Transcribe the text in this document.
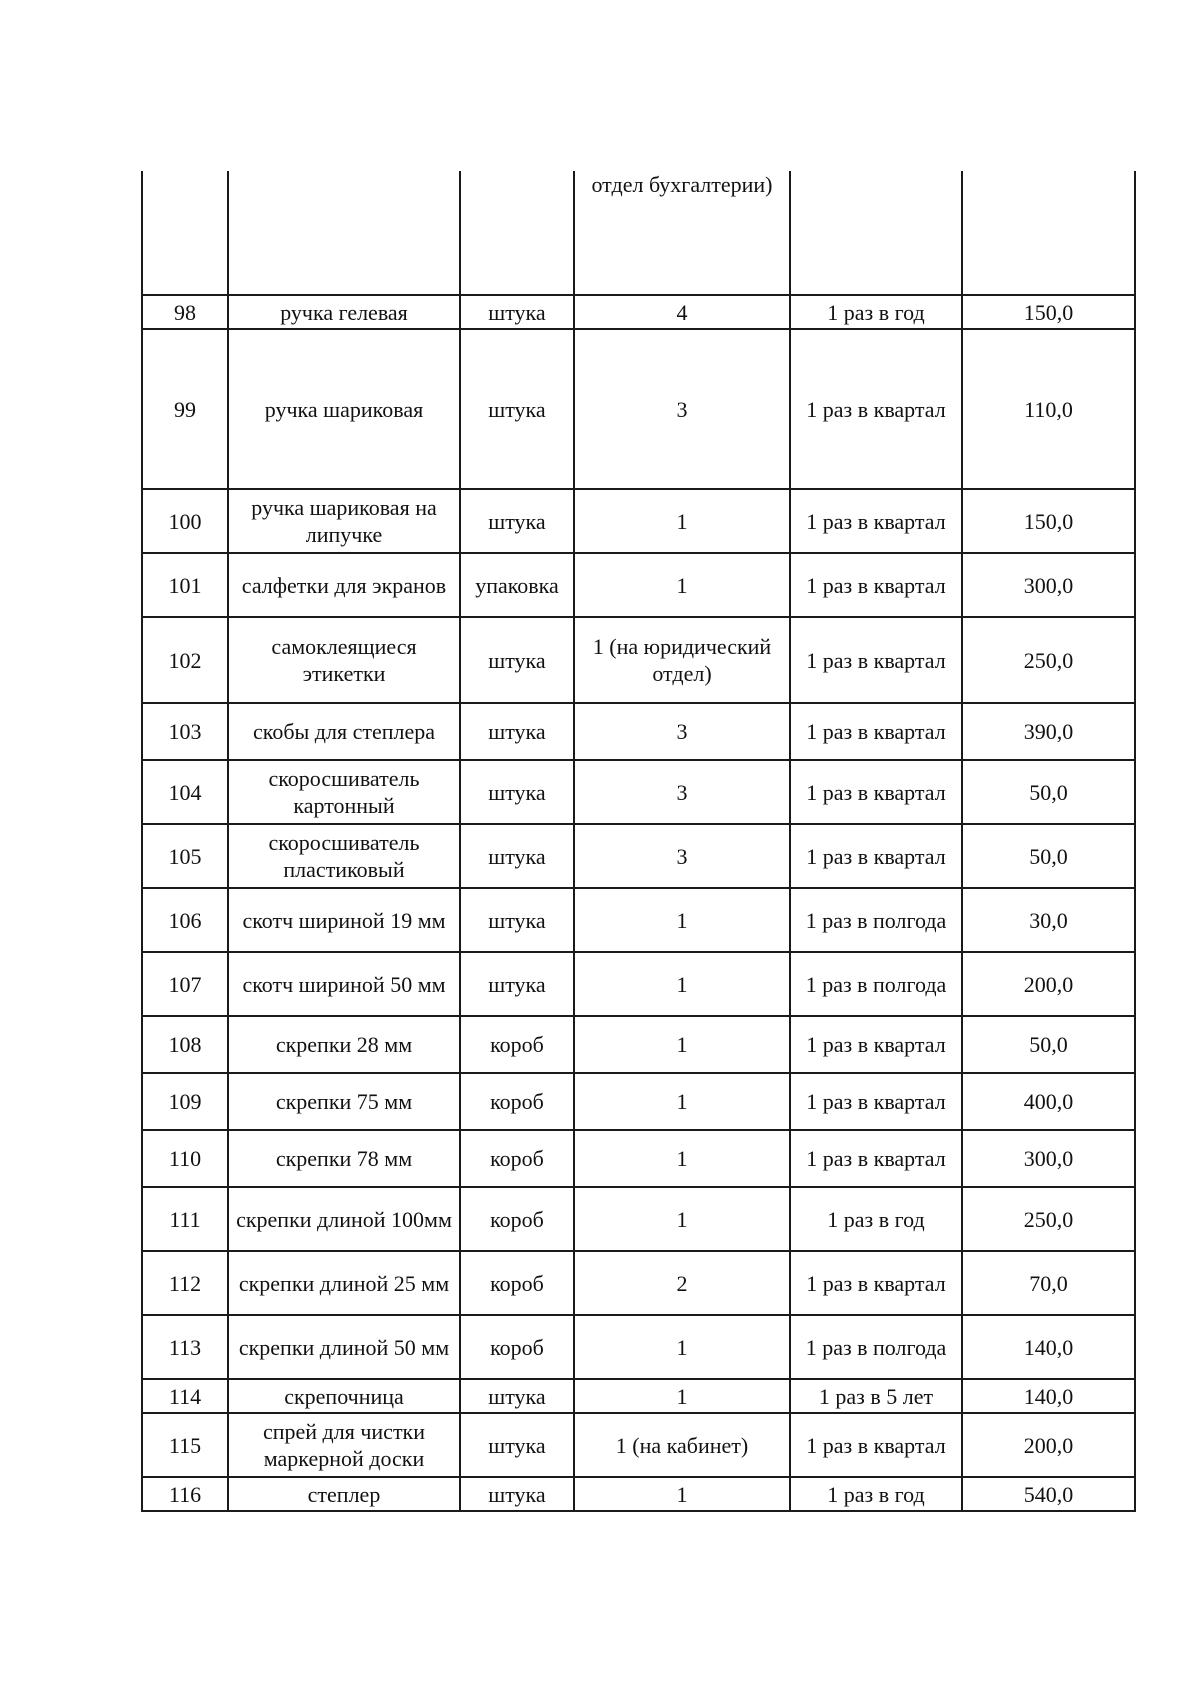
			отдел бухгалтерии)		
98	ручка гелевая	штука	4	1 раз в год	150,0
99	ручка шариковая	штука	3	1 раз в квартал	110,0
100	ручка шариковая на липучке	штука	1	1 раз в квартал	150,0
101	салфетки для экранов	упаковка	1	1 раз в квартал	300,0
102	самоклеящиеся этикетки	штука	1 (на юридический отдел)	1 раз в квартал	250,0
103	скобы для степлера	штука	3	1 раз в квартал	390,0
104	скоросшиватель картонный	штука	3	1 раз в квартал	50,0
105	скоросшиватель пластиковый	штука	3	1 раз в квартал	50,0
106	скотч шириной 19 мм	штука	1	1 раз в полгода	30,0
107	скотч шириной 50 мм	штука	1	1 раз в полгода	200,0
108	скрепки 28 мм	короб	1	1 раз в квартал	50,0
109	скрепки 75 мм	короб	1	1 раз в квартал	400,0
110	скрепки 78 мм	короб	1	1 раз в квартал	300,0
111	скрепки длиной 100мм	короб	1	1 раз в год	250,0
112	скрепки длиной 25 мм	короб	2	1 раз в квартал	70,0
113	скрепки длиной 50 мм	короб	1	1 раз в полгода	140,0
114	скрепочница	штука	1	1 раз в 5 лет	140,0
115	спрей для чистки маркерной доски	штука	1 (на кабинет)	1 раз в квартал	200,0
116	степлер	штука	1	1 раз в год	540,0
